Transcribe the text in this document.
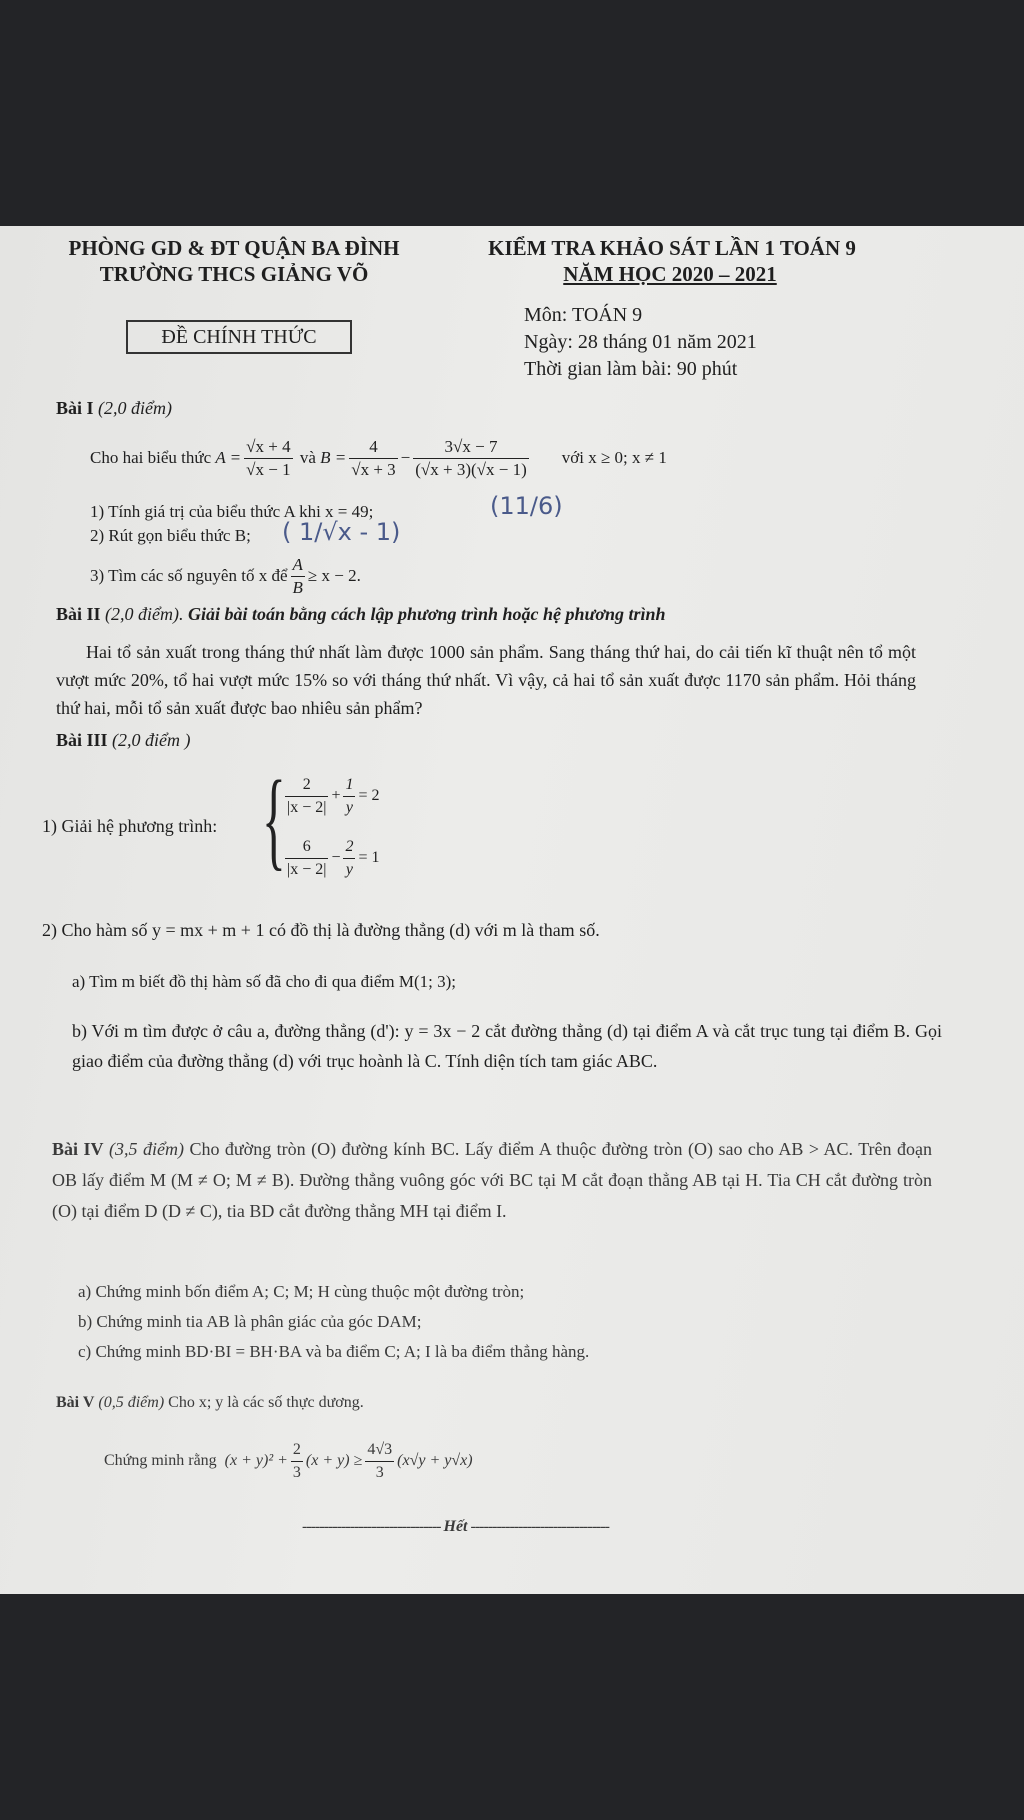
PHÒNG GD & ĐT QUẬN BA ĐÌNH
TRƯỜNG THCS GIẢNG VÕ
KIỂM TRA KHẢO SÁT LẦN 1 TOÁN 9
NĂM HỌC 2020 – 2021
ĐỀ CHÍNH THỨC
Môn: TOÁN 9
Ngày: 28 tháng 01 năm 2021
Thời gian làm bài: 90 phút
Bài I (2,0 điểm)
Cho hai biểu thức
$A = \frac{√x + 4}{√x - 1}$
và
$B = \frac{4}{√x + 3} - \frac{3√x - 7}{(√x + 3)(√x - 1)}$ với x ≥ 0; x ≠ 1
1) Tính giá trị của biểu thức A khi x = 49;	(11/6)
2) Rút gọn biểu thức B; ( 1/√x - 1)
3) Tìm các số nguyên tố x để $\frac{A}{B} \ge x - 2$.
Bài II (2,0 điểm). Giải bài toán bằng cách lập phương trình hoặc hệ phương trình
Hai tổ sản xuất trong tháng thứ nhất làm được 1000 sản phẩm. Sang tháng thứ hai, do cải tiến kĩ thuật nên tổ một vượt mức 20%, tổ hai vượt mức 15% so với tháng thứ nhất. Vì vậy, cả hai tổ sản xuất được 1170 sản phẩm. Hỏi tháng thứ hai, mỗi tổ sản xuất được bao nhiêu sản phẩm?
Bài III (2,0 điểm )
1) Giải hệ phương trình: { $\frac{2}{|x - 2|} + \frac{1}{y} = 2$
$\frac{6}{|x - 2|} - \frac{2}{y} = 1$
2) Cho hàm số y = mx + m + 1 có đồ thị là đường thẳng (d) với m là tham số.
a) Tìm m biết đồ thị hàm số đã cho đi qua điểm M(1; 3);
b) Với m tìm được ở câu a, đường thẳng (d'): y = 3x − 2 cắt đường thẳng (d) tại điểm A và cắt trục tung tại điểm B. Gọi giao điểm của đường thẳng (d) với trục hoành là C. Tính diện tích tam giác ABC.
Bài IV (3,5 điểm) Cho đường tròn (O) đường kính BC. Lấy điểm A thuộc đường tròn (O) sao cho AB > AC. Trên đoạn OB lấy điểm M (M ≠ O; M ≠ B). Đường thẳng vuông góc với BC tại M cắt đoạn thẳng AB tại H. Tia CH cắt đường tròn (O) tại điểm D (D ≠ C), tia BD cắt đường thẳng MH tại điểm I.
a) Chứng minh bốn điểm A; C; M; H cùng thuộc một đường tròn;
b) Chứng minh tia AB là phân giác của góc DAM;
c) Chứng minh BD·BI = BH·BA và ba điểm C; A; I là ba điểm thẳng hàng.
Bài V (0,5 điểm) Cho x; y là các số thực dương.
Chứng minh rằng
$(x + y)^2 + \frac{2}{3} (x + y) \ge \frac{4√3}{3} (x√y + y√x)$
-------------------------------- Hết --------------------------------
